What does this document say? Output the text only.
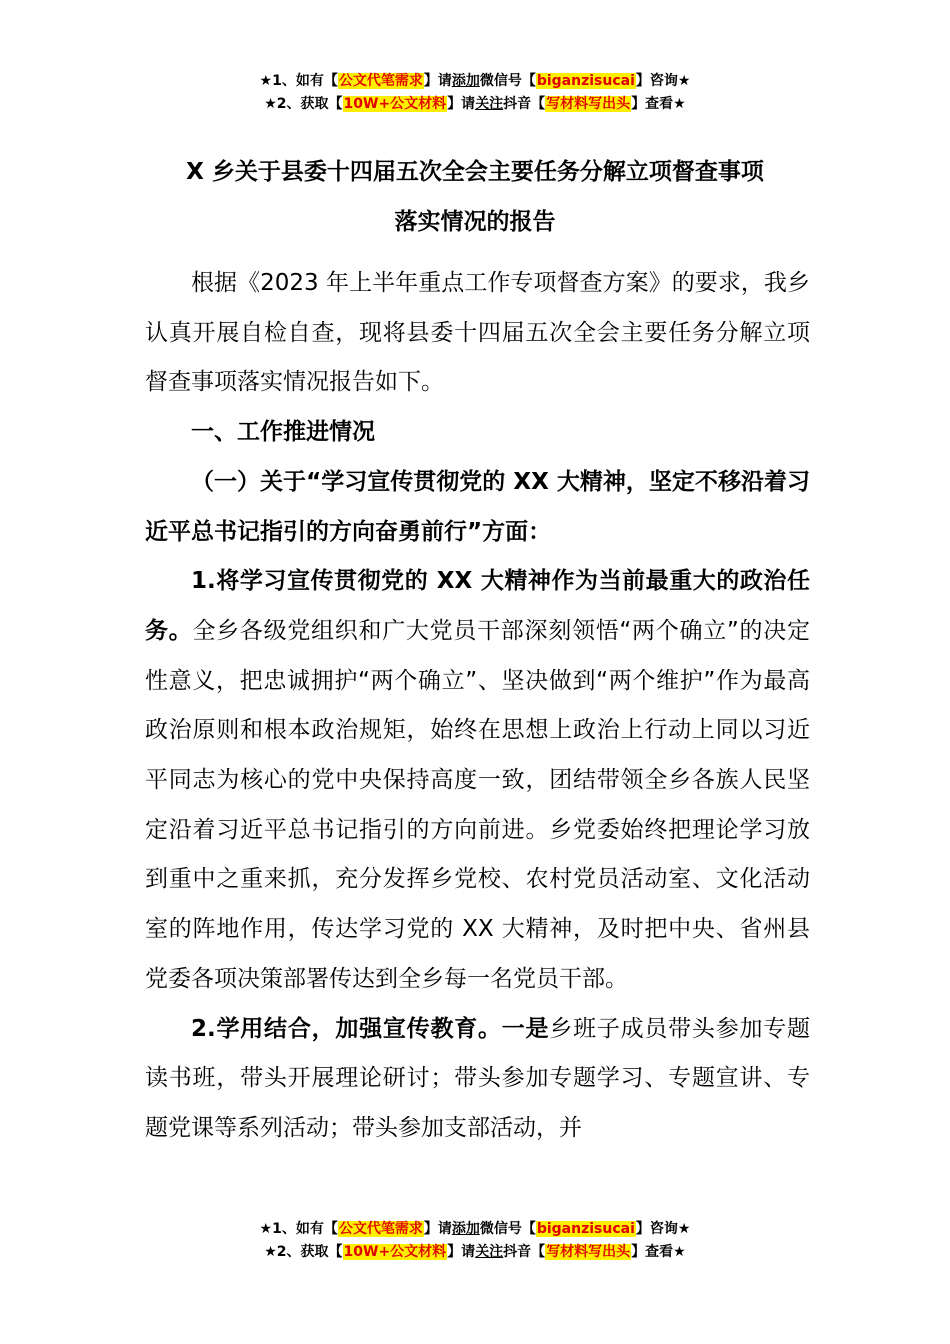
★1、如有【公文代笔需求】请添加微信号【biganzisucai】咨询★
★2、获取【10W+公文材料】请关注抖音【写材料写出头】查看★
X 乡关于县委十四届五次全会主要任务分解立项督查事项
落实情况的报告

根据《2023 年上半年重点工作专项督查方案》的要求，我乡认真开展自检自查，现将县委十四届五次全会主要任务分解立项督查事项落实情况报告如下。

一、工作推进情况

（一）关于“学习宣传贯彻党的 XX 大精神，坚定不移沿着习近平总书记指引的方向奋勇前行”方面：

1.将学习宣传贯彻党的 XX 大精神作为当前最重大的政治任务。全乡各级党组织和广大党员干部深刻领悟“两个确立”的决定性意义，把忠诚拥护“两个确立”、坚决做到“两个维护”作为最高政治原则和根本政治规矩，始终在思想上政治上行动上同以习近平同志为核心的党中央保持高度一致，团结带领全乡各族人民坚定沿着习近平总书记指引的方向前进。乡党委始终把理论学习放到重中之重来抓，充分发挥乡党校、农村党员活动室、文化活动室的阵地作用，传达学习党的 XX 大精神，及时把中央、省州县党委各项决策部署传达到全乡每一名党员干部。

2.学用结合，加强宣传教育。一是乡班子成员带头参加专题读书班，带头开展理论研讨；带头参加专题学习、专题宣讲、专题党课等系列活动；带头参加支部活动，并

★1、如有【公文代笔需求】请添加微信号【biganzisucai】咨询★
★2、获取【10W+公文材料】请关注抖音【写材料写出头】查看★
